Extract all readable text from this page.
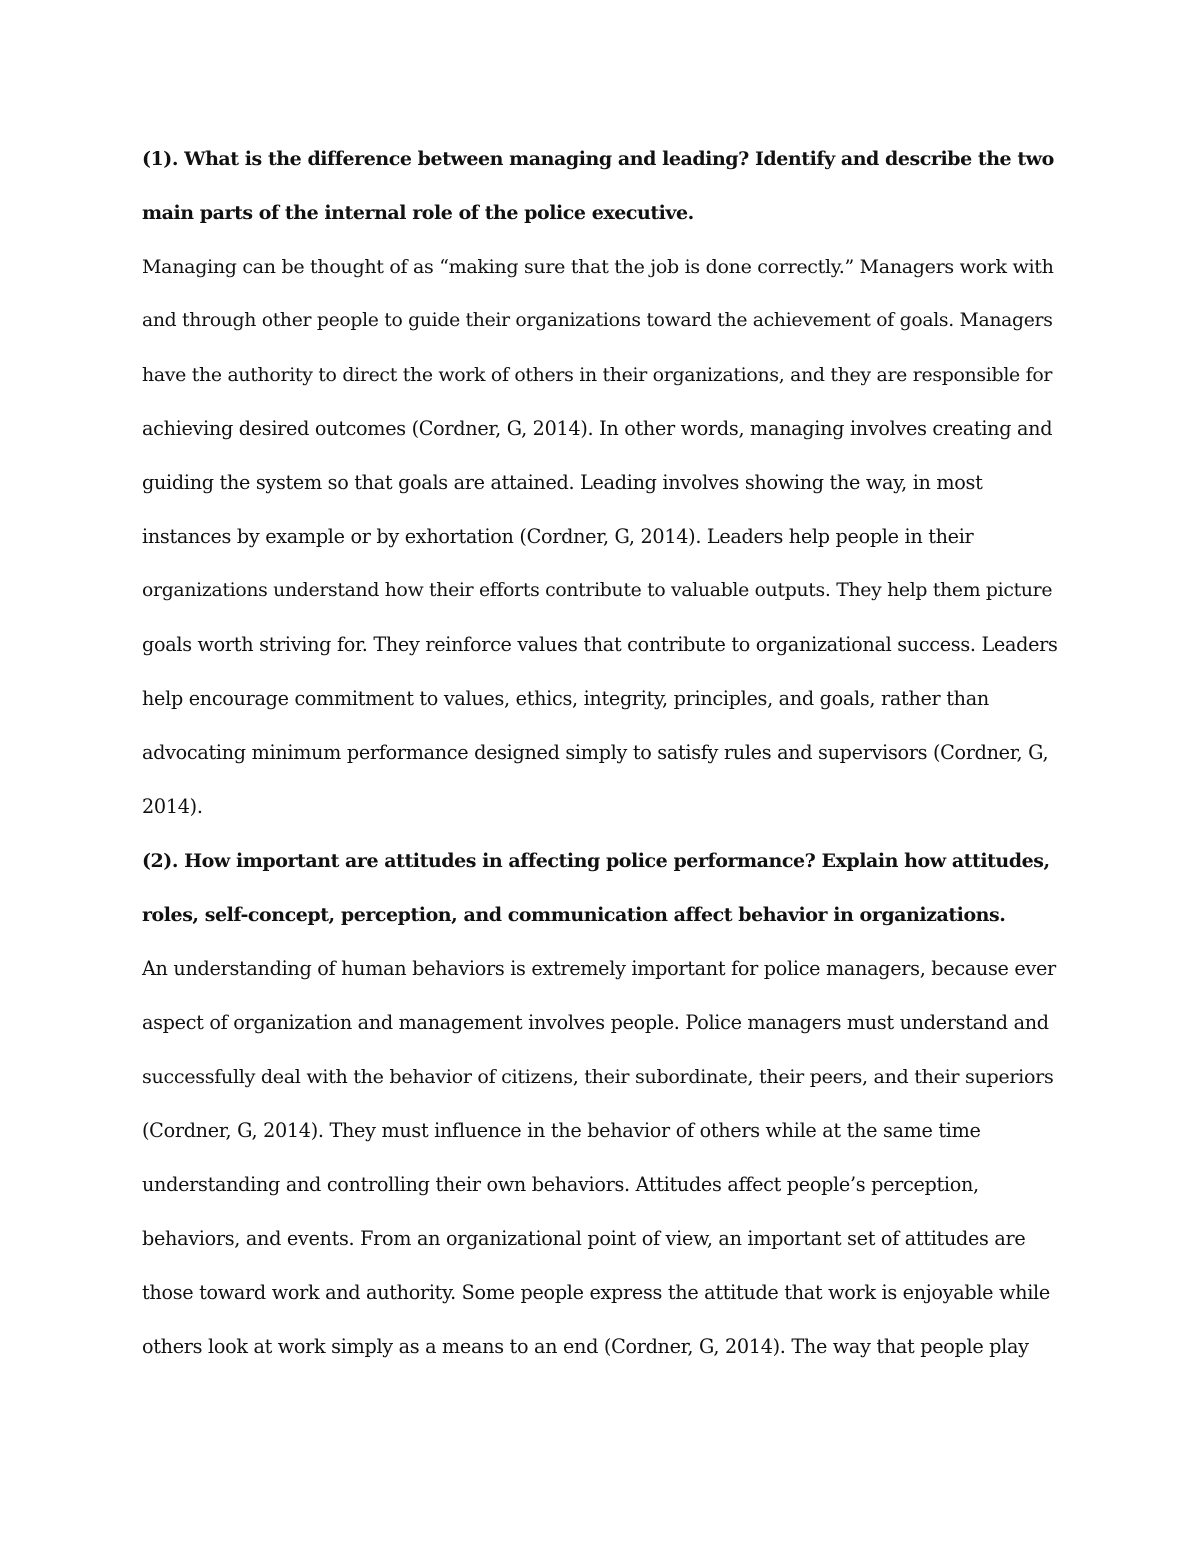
(1). What is the difference between managing and leading? Identify and describe the two
main parts of the internal role of the police executive.
Managing can be thought of as “making sure that the job is done correctly.” Managers work with
and through other people to guide their organizations toward the achievement of goals. Managers
have the authority to direct the work of others in their organizations, and they are responsible for
achieving desired outcomes (Cordner, G, 2014). In other words, managing involves creating and
guiding the system so that goals are attained. Leading involves showing the way, in most
instances by example or by exhortation (Cordner, G, 2014). Leaders help people in their
organizations understand how their efforts contribute to valuable outputs. They help them picture
goals worth striving for. They reinforce values that contribute to organizational success. Leaders
help encourage commitment to values, ethics, integrity, principles, and goals, rather than
advocating minimum performance designed simply to satisfy rules and supervisors (Cordner, G,
2014).
(2). How important are attitudes in affecting police performance? Explain how attitudes,
roles, self-concept, perception, and communication affect behavior in organizations.
An understanding of human behaviors is extremely important for police managers, because ever
aspect of organization and management involves people. Police managers must understand and
successfully deal with the behavior of citizens, their subordinate, their peers, and their superiors
(Cordner, G, 2014). They must influence in the behavior of others while at the same time
understanding and controlling their own behaviors. Attitudes affect people’s perception,
behaviors, and events. From an organizational point of view, an important set of attitudes are
those toward work and authority. Some people express the attitude that work is enjoyable while
others look at work simply as a means to an end (Cordner, G, 2014). The way that people play
